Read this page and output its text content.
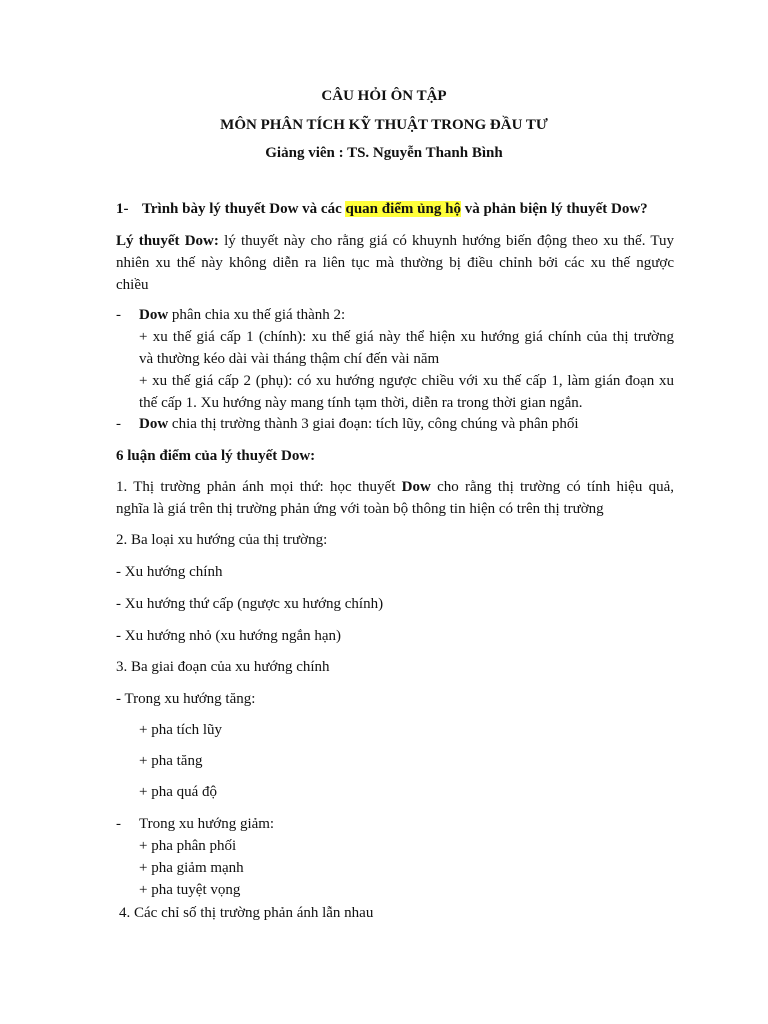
CÂU HỎI ÔN TẬP
MÔN PHÂN TÍCH KỸ THUẬT TRONG ĐẦU TƯ
Giảng viên : TS. Nguyễn Thanh Bình
1- Trình bày lý thuyết Dow và các quan điểm ủng hộ và phản biện lý thuyết Dow?
Lý thuyết Dow: lý thuyết này cho rằng giá có khuynh hướng biến động theo xu thế. Tuy
nhiên xu thế này không diễn ra liên tục mà thường bị điều chỉnh bởi các xu thế ngược
chiều
- Dow phân chia xu thế giá thành 2:
+ xu thế giá cấp 1 (chính): xu thế giá này thể hiện xu hướng giá chính của thị trường
và thường kéo dài vài tháng thậm chí đến vài năm
+ xu thế giá cấp 2 (phụ): có xu hướng ngược chiều với xu thế cấp 1, làm gián đoạn xu
thế cấp 1. Xu hướng này mang tính tạm thời, diễn ra trong thời gian ngắn.
- Dow chia thị trường thành 3 giai đoạn: tích lũy, công chúng và phân phối
6 luận điểm của lý thuyết Dow:
1. Thị trường phản ánh mọi thứ: học thuyết Dow cho rằng thị trường có tính hiệu quả,
nghĩa là giá trên thị trường phản ứng với toàn bộ thông tin hiện có trên thị trường
2. Ba loại xu hướng của thị trường:
- Xu hướng chính
- Xu hướng thứ cấp (ngược xu hướng chính)
- Xu hướng nhỏ (xu hướng ngắn hạn)
3. Ba giai đoạn của xu hướng chính
- Trong xu hướng tăng:
+ pha tích lũy
+ pha tăng
+ pha quá độ
- Trong xu hướng giảm:
+ pha phân phối
+ pha giảm mạnh
+ pha tuyệt vọng
4. Các chỉ số thị trường phản ánh lẫn nhau
